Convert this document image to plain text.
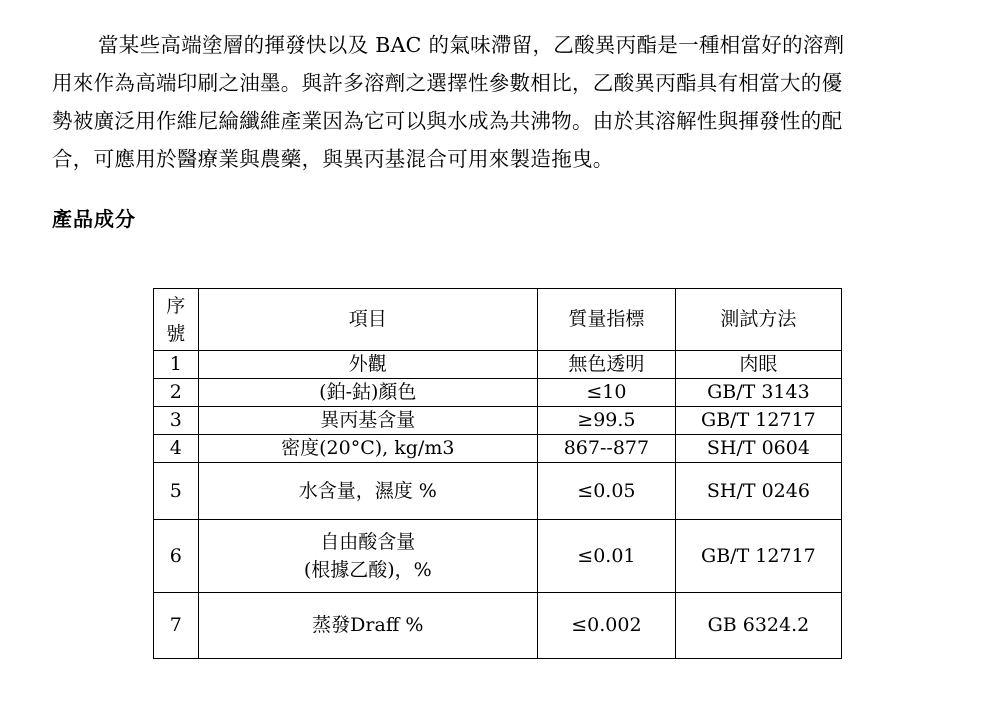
當某些高端塗層的揮發快以及 BAC 的氣味滯留，乙酸異丙酯是一種相當好的溶劑
用來作為高端印刷之油墨。與許多溶劑之選擇性參數相比，乙酸異丙酯具有相當大的優
勢被廣泛用作維尼綸纖維產業因為它可以與水成為共沸物。由於其溶解性與揮發性的配
合，可應用於醫療業與農藥，與異丙基混合可用來製造拖曳。
產品成分
序
號	項目	質量指標	測試方法
1	外觀	無色透明	肉眼
2	(鉑-鈷)顏色	≤10	GB/T 3143
3	異丙基含量	≥99.5	GB/T 12717
4	密度(20°C), kg/m3	867--877	SH/T 0604
5	水含量，濕度 %	≤0.05	SH/T 0246
6	自由酸含量
(根據乙酸)，%	≤0.01	GB/T 12717
7	蒸發Draff %	≤0.002	GB 6324.2
